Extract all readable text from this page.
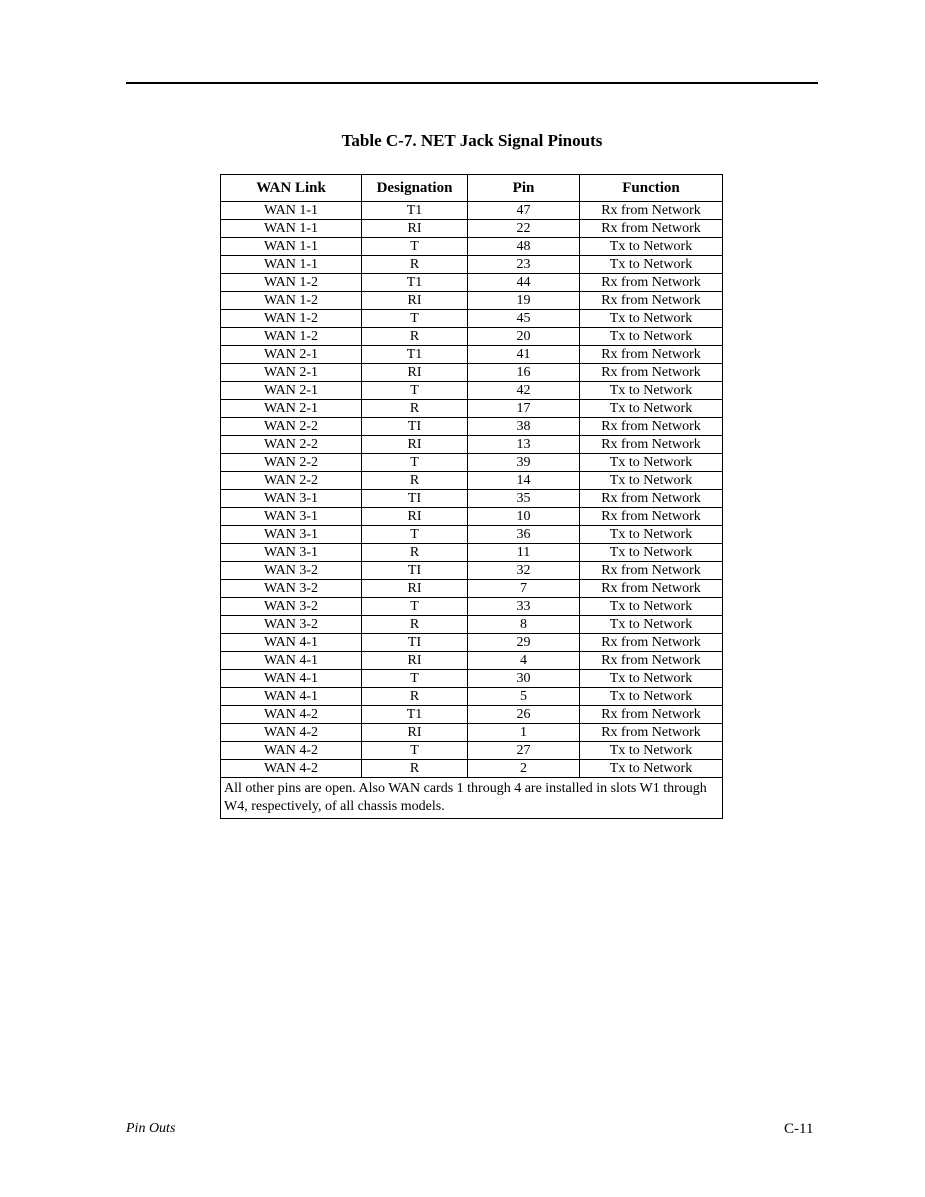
Table C-7. NET Jack Signal Pinouts
WAN Link	Designation	Pin	Function
WAN 1-1	T1	47	Rx from Network
WAN 1-1	RI	22	Rx from Network
WAN 1-1	T	48	Tx to Network
WAN 1-1	R	23	Tx to Network
WAN 1-2	T1	44	Rx from Network
WAN 1-2	RI	19	Rx from Network
WAN 1-2	T	45	Tx to Network
WAN 1-2	R	20	Tx to Network
WAN 2-1	T1	41	Rx from Network
WAN 2-1	RI	16	Rx from Network
WAN 2-1	T	42	Tx to Network
WAN 2-1	R	17	Tx to Network
WAN 2-2	TI	38	Rx from Network
WAN 2-2	RI	13	Rx from Network
WAN 2-2	T	39	Tx to Network
WAN 2-2	R	14	Tx to Network
WAN 3-1	TI	35	Rx from Network
WAN 3-1	RI	10	Rx from Network
WAN 3-1	T	36	Tx to Network
WAN 3-1	R	11	Tx to Network
WAN 3-2	TI	32	Rx from Network
WAN 3-2	RI	7	Rx from Network
WAN 3-2	T	33	Tx to Network
WAN 3-2	R	8	Tx to Network
WAN 4-1	TI	29	Rx from Network
WAN 4-1	RI	4	Rx from Network
WAN 4-1	T	30	Tx to Network
WAN 4-1	R	5	Tx to Network
WAN 4-2	T1	26	Rx from Network
WAN 4-2	RI	1	Rx from Network
WAN 4-2	T	27	Tx to Network
WAN 4-2	R	2	Tx to Network
All other pins are open. Also WAN cards 1 through 4 are installed in slots W1 through W4, respectively, of all chassis models.			
Pin Outs	C-11
